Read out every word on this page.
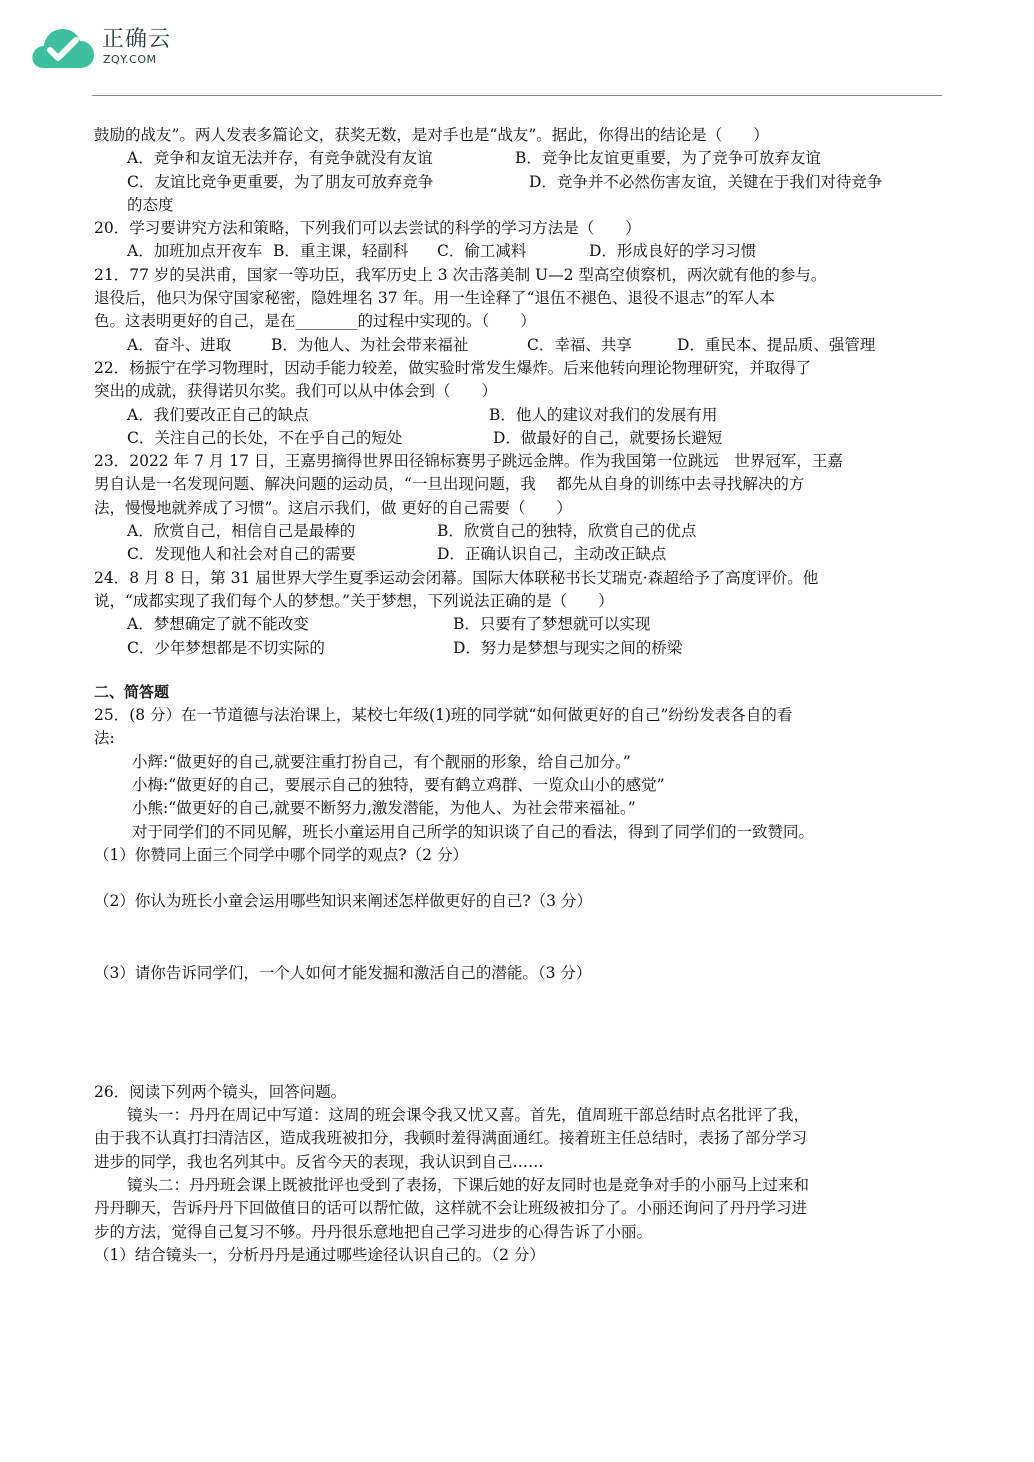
正确云
ZQY.COM
鼓励的战友”。两人发表多篇论文，获奖无数，是对手也是“战友”。据此，你得出的结论是（　　）
A．竞争和友谊无法并存，有竞争就没有友谊	B．竞争比友谊更重要，为了竞争可放弃友谊
C．友谊比竞争更重要，为了朋友可放弃竞争	D．竞争并不必然伤害友谊，关键在于我们对待竞争
的态度
20．学习要讲究方法和策略，下列我们可以去尝试的科学的学习方法是（　　）
A．加班加点开夜车 B．重主课，轻副科	C．偷工减料	D．形成良好的学习习惯
21．77 岁的吴洪甫，国家一等功臣，我军历史上 3 次击落美制 U—2 型高空侦察机，两次就有他的参与。
退役后，他只为保守国家秘密，隐姓埋名 37 年。用一生诠释了“退伍不褪色、退役不退志”的军人本
色。这表明更好的自己，是在________的过程中实现的。（　　）
A．奋斗、进取	B．为他人、为社会带来福祉	C．幸福、共享	D．重民本、提品质、强管理
22．杨振宁在学习物理时，因动手能力较差，做实验时常发生爆炸。后来他转向理论物理研究，并取得了
突出的成就，获得诺贝尔奖。我们可以从中体会到（　　）
A．我们要改正自己的缺点	B．他人的建议对我们的发展有用
C．关注自己的长处，不在乎自己的短处	D．做最好的自己，就要扬长避短
23．2022 年 7 月 17 日，王嘉男摘得世界田径锦标赛男子跳远金牌。作为我国第一位跳远　世界冠军，王嘉
男自认是一名发现问题、解决问题的运动员，“一旦出现问题，我　 都先从自身的训练中去寻找解决的方
法，慢慢地就养成了习惯”。这启示我们，做 更好的自己需要（　　）
A．欣赏自己，相信自己是最棒的	B．欣赏自己的独特，欣赏自己的优点
C．发现他人和社会对自己的需要	D．正确认识自己，主动改正缺点
24．8 月 8 日，第 31 届世界大学生夏季运动会闭幕。国际大体联秘书长艾瑞克·森超给予了高度评价。他
说，“成都实现了我们每个人的梦想。”关于梦想，下列说法正确的是（　　）
A．梦想确定了就不能改变	B．只要有了梦想就可以实现
C．少年梦想都是不切实际的	D．努力是梦想与现实之间的桥梁
二、简答题
25．(8 分）在一节道德与法治课上，某校七年级(1)班的同学就“如何做更好的自己”纷纷发表各自的看
法:
小辉:“做更好的自己,就要注重打扮自己，有个靓丽的形象，给自己加分。”
小梅:“做更好的自己，要展示自己的独特，要有鹤立鸡群、一览众山小的感觉”
小熊:“做更好的自己,就要不断努力,激发潜能，为他人、为社会带来福祉。”
对于同学们的不同见解，班长小童运用自己所学的知识谈了自己的看法，得到了同学们的一致赞同。
（1）你赞同上面三个同学中哪个同学的观点?（2 分）
（2）你认为班长小童会运用哪些知识来阐述怎样做更好的自己?（3 分）
（3）请你告诉同学们，一个人如何才能发掘和激活自己的潜能。（3 分）
26．阅读下列两个镜头，回答问题。
镜头一：丹丹在周记中写道：这周的班会课令我又忧又喜。首先，值周班干部总结时点名批评了我，
由于我不认真打扫清洁区，造成我班被扣分，我顿时羞得满面通红。接着班主任总结时，表扬了部分学习
进步的同学，我也名列其中。反省今天的表现，我认识到自己……
镜头二：丹丹班会课上既被批评也受到了表扬，下课后她的好友同时也是竞争对手的小丽马上过来和
丹丹聊天，告诉丹丹下回做值日的话可以帮忙做，这样就不会让班级被扣分了。小丽还询问了丹丹学习进
步的方法，觉得自己复习不够。丹丹很乐意地把自己学习进步的心得告诉了小丽。
（1）结合镜头一，分析丹丹是通过哪些途径认识自己的。（2 分）
